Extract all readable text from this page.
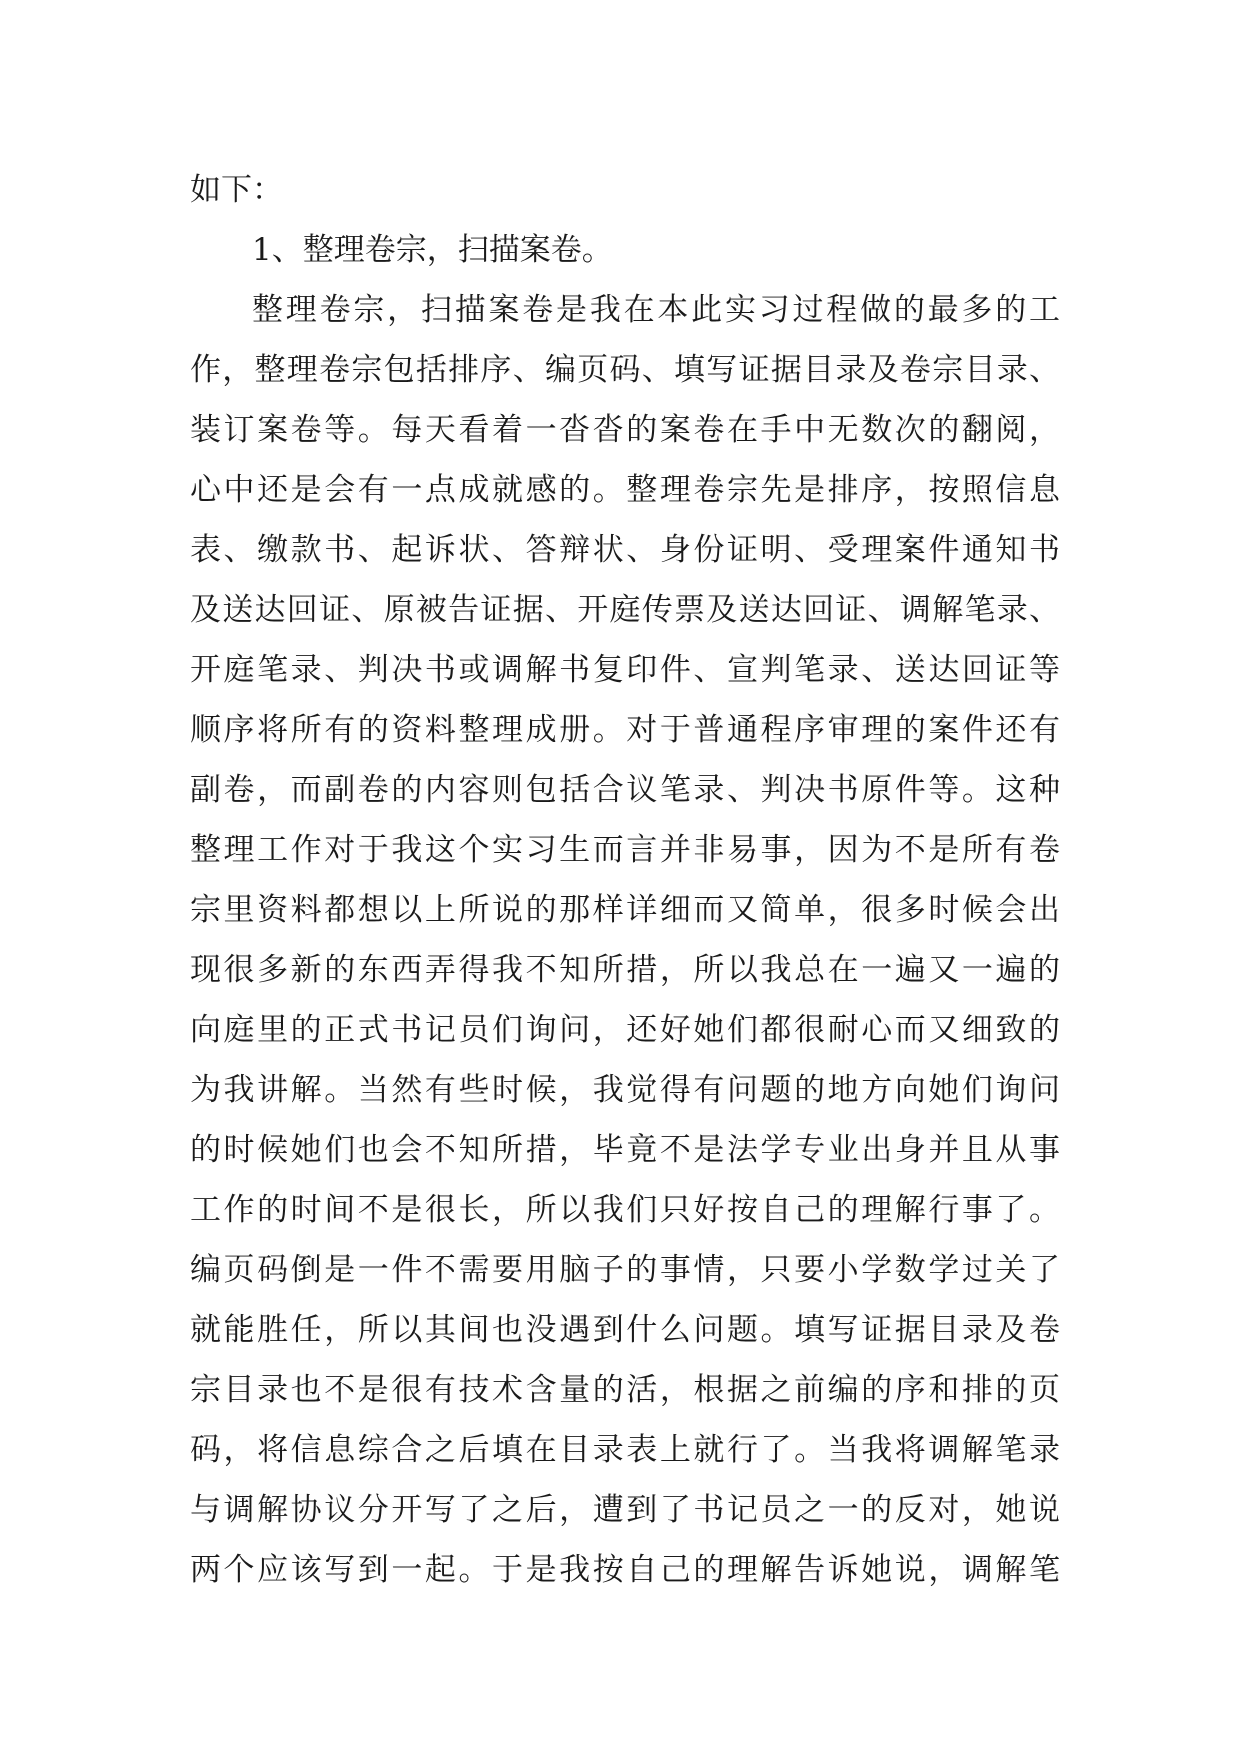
如下：
1、整理卷宗，扫描案卷。
整理卷宗，扫描案卷是我在本此实习过程做的最多的工
作，整理卷宗包括排序、编页码、填写证据目录及卷宗目录、
装订案卷等。每天看着一沓沓的案卷在手中无数次的翻阅，
心中还是会有一点成就感的。整理卷宗先是排序，按照信息
表、缴款书、起诉状、答辩状、身份证明、受理案件通知书
及送达回证、原被告证据、开庭传票及送达回证、调解笔录、
开庭笔录、判决书或调解书复印件、宣判笔录、送达回证等
顺序将所有的资料整理成册。对于普通程序审理的案件还有
副卷，而副卷的内容则包括合议笔录、判决书原件等。这种
整理工作对于我这个实习生而言并非易事，因为不是所有卷
宗里资料都想以上所说的那样详细而又简单，很多时候会出
现很多新的东西弄得我不知所措，所以我总在一遍又一遍的
向庭里的正式书记员们询问，还好她们都很耐心而又细致的
为我讲解。当然有些时候，我觉得有问题的地方向她们询问
的时候她们也会不知所措，毕竟不是法学专业出身并且从事
工作的时间不是很长，所以我们只好按自己的理解行事了。
编页码倒是一件不需要用脑子的事情，只要小学数学过关了
就能胜任，所以其间也没遇到什么问题。填写证据目录及卷
宗目录也不是很有技术含量的活，根据之前编的序和排的页
码，将信息综合之后填在目录表上就行了。当我将调解笔录
与调解协议分开写了之后，遭到了书记员之一的反对，她说
两个应该写到一起。于是我按自己的理解告诉她说，调解笔
